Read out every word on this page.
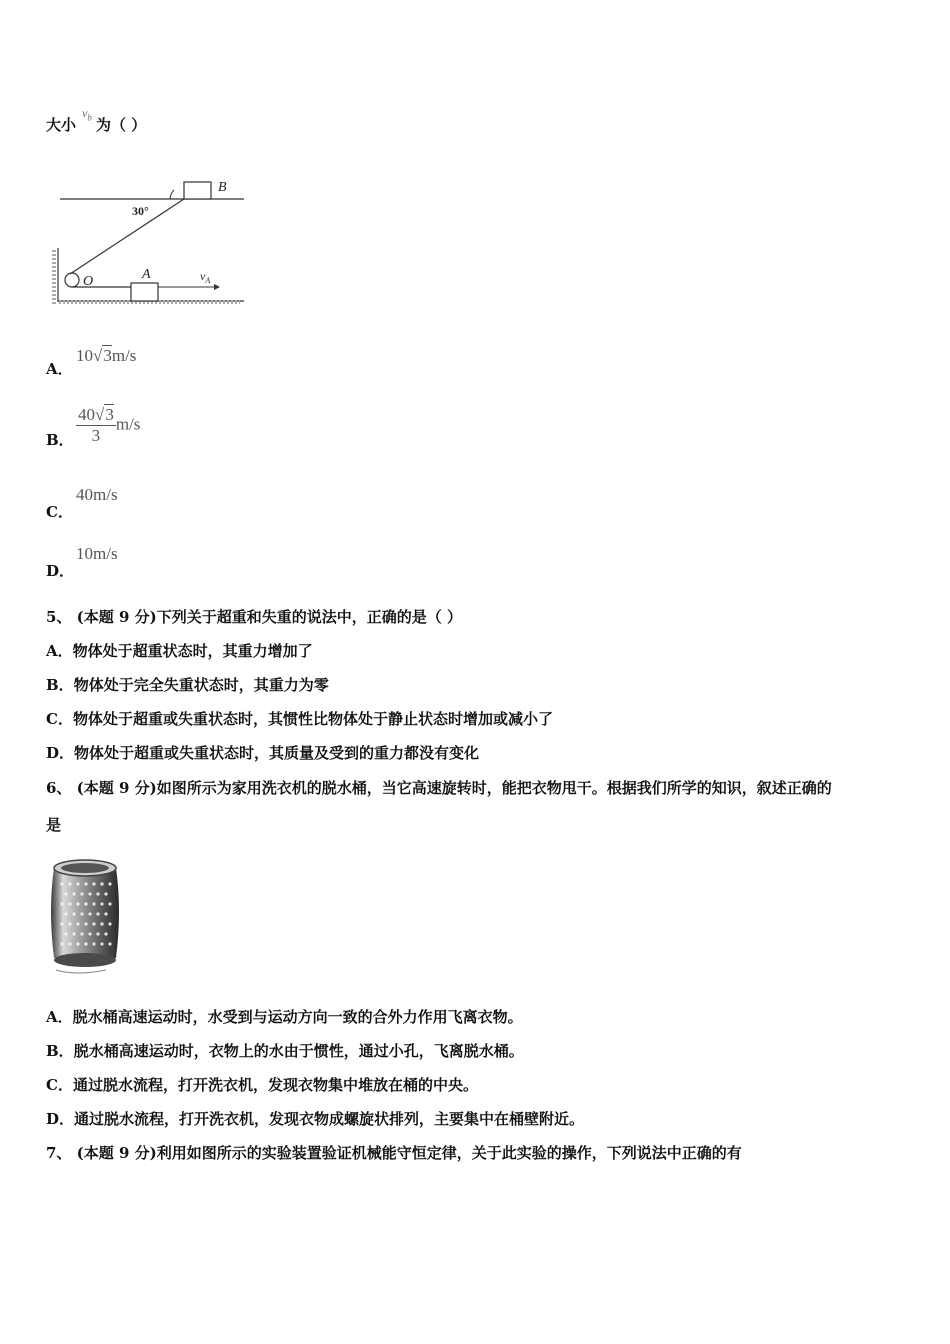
大小
$v_b$ 为（ ）
30°
B
A
O	$v_A$
A．
10√3m/s
B． $\frac{40√3}{3} m/s$
C．
40m/s
D．
10m/s
5、 (本题 9 分)下列关于超重和失重的说法中，正确的是（ ）
A．物体处于超重状态时，其重力增加了
B．物体处于完全失重状态时，其重力为零
C．物体处于超重或失重状态时，其惯性比物体处于静止状态时增加或减小了
D．物体处于超重或失重状态时，其质量及受到的重力都没有变化
6、 (本题 9 分)如图所示为家用洗衣机的脱水桶，当它高速旋转时，能把衣物甩干。根据我们所学的知识，叙述正确的
是
A．脱水桶高速运动时，水受到与运动方向一致的合外力作用飞离衣物。
B．脱水桶高速运动时，衣物上的水由于惯性，通过小孔，飞离脱水桶。
C．通过脱水流程，打开洗衣机，发现衣物集中堆放在桶的中央。
D．通过脱水流程，打开洗衣机，发现衣物成螺旋状排列，主要集中在桶壁附近。
7、 (本题 9 分)利用如图所示的实验装置验证机械能守恒定律，关于此实验的操作，下列说法中正确的有
